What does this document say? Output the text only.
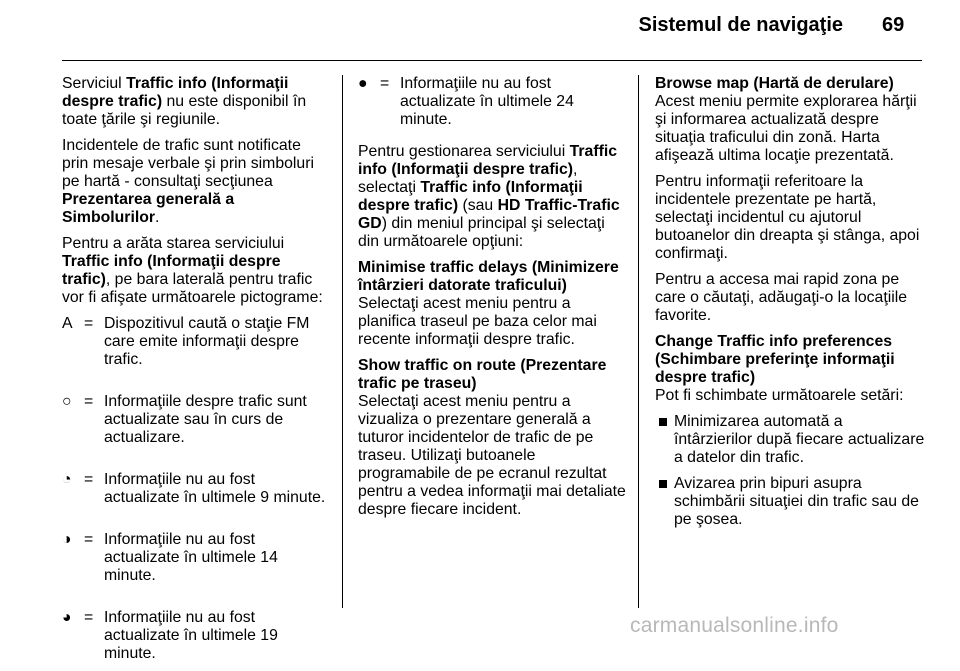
Sistemul de navigaţie 69

Serviciul Traffic info (Informaţii despre trafic) nu este disponibil în toate ţările şi regiunile.

Incidentele de trafic sunt notificate prin mesaje verbale şi prin simboluri pe hartă - consultaţi secţiunea Prezentarea generală a Simbolurilor.

Pentru a arăta starea serviciului Traffic info (Informaţii despre trafic), pe bara laterală pentru trafic vor fi afişate următoarele pictograme:

A = Dispozitivul caută o staţie FM care emite informaţii despre trafic.
○ = Informaţiile despre trafic sunt actualizate sau în curs de actualizare.
◔ = Informaţiile nu au fost actualizate în ultimele 9 minute.
◑ = Informaţiile nu au fost actualizate în ultimele 14 minute.
◕ = Informaţiile nu au fost actualizate în ultimele 19 minute.
● = Informaţiile nu au fost actualizate în ultimele 24 minute.

Pentru gestionarea serviciului Traffic info (Informaţii despre trafic), selectaţi Traffic info (Informaţii despre trafic) (sau HD Traffic-Trafic GD) din meniul principal şi selectaţi din următoarele opţiuni:

Minimise traffic delays (Minimizere întârzieri datorate traficului)
Selectaţi acest meniu pentru a planifica traseul pe baza celor mai recente informaţii despre trafic.

Show traffic on route (Prezentare trafic pe traseu)
Selectaţi acest meniu pentru a vizualiza o prezentare generală a tuturor incidentelor de trafic de pe traseu. Utilizaţi butoanele programabile de pe ecranul rezultat pentru a vedea informaţii mai detaliate despre fiecare incident.

Browse map (Hartă de derulare)
Acest meniu permite explorarea hărţii şi informarea actualizată despre situaţia traficului din zonă. Harta afişează ultima locaţie prezentată.

Pentru informaţii referitoare la incidentele prezentate pe hartă, selectaţi incidentul cu ajutorul butoanelor din dreapta şi stânga, apoi confirmaţi.

Pentru a accesa mai rapid zona pe care o căutaţi, adăugaţi-o la locaţiile favorite.

Change Traffic info preferences (Schimbare preferinţe informaţii despre trafic)
Pot fi schimbate următoarele setări:

Minimizarea automată a întârzierilor după fiecare actualizare a datelor din trafic.
Avizarea prin bipuri asupra schimbării situaţiei din trafic sau de pe şosea.
carmanualsonline.info
